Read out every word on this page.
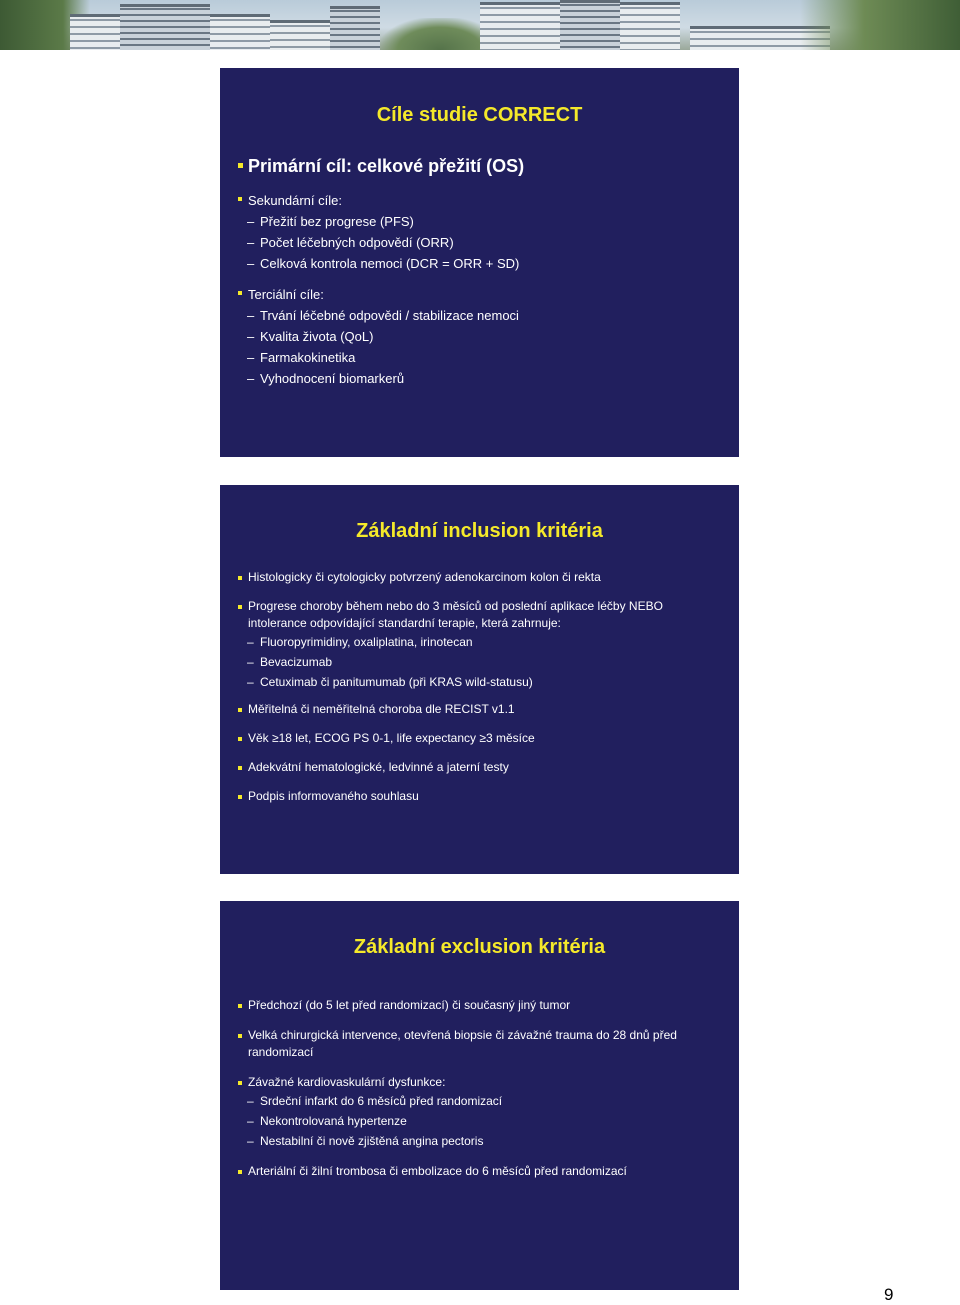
Cíle studie CORRECT
Primární cíl: celkové přežití (OS)
Sekundární cíle:
– Přežití bez progrese (PFS)
– Počet léčebných odpovědí (ORR)
– Celková kontrola nemoci (DCR = ORR + SD)
Terciální cíle:
– Trvání léčebné odpovědi / stabilizace nemoci
– Kvalita života (QoL)
– Farmakokinetika
– Vyhodnocení biomarkerů
Základní inclusion kritéria
Histologicky či cytologicky potvrzený adenokarcinom kolon či rekta
Progrese choroby během nebo do 3 měsíců od poslední aplikace léčby NEBO intolerance odpovídající standardní terapie, která zahrnuje:
– Fluoropyrimidiny, oxaliplatina, irinotecan
– Bevacizumab
– Cetuximab či panitumumab (při KRAS wild-statusu)
Měřitelná či neměřitelná choroba dle RECIST v1.1
Věk ≥18 let, ECOG PS 0-1, life expectancy ≥3 měsíce
Adekvátní hematologické, ledvinné a jaterní testy
Podpis informovaného souhlasu
Základní exclusion kritéria
Předchozí (do 5 let před randomizací) či současný jiný tumor
Velká chirurgická intervence, otevřená biopsie či závažné trauma do 28 dnů před randomizací
Závažné kardiovaskulární dysfunkce:
– Srdeční infarkt do 6 měsíců před randomizací
– Nekontrolovaná hypertenze
– Nestabilní či nově zjištěná angina pectoris
Arteriální či žilní trombosa či embolizace do 6 měsíců před randomizací
9
